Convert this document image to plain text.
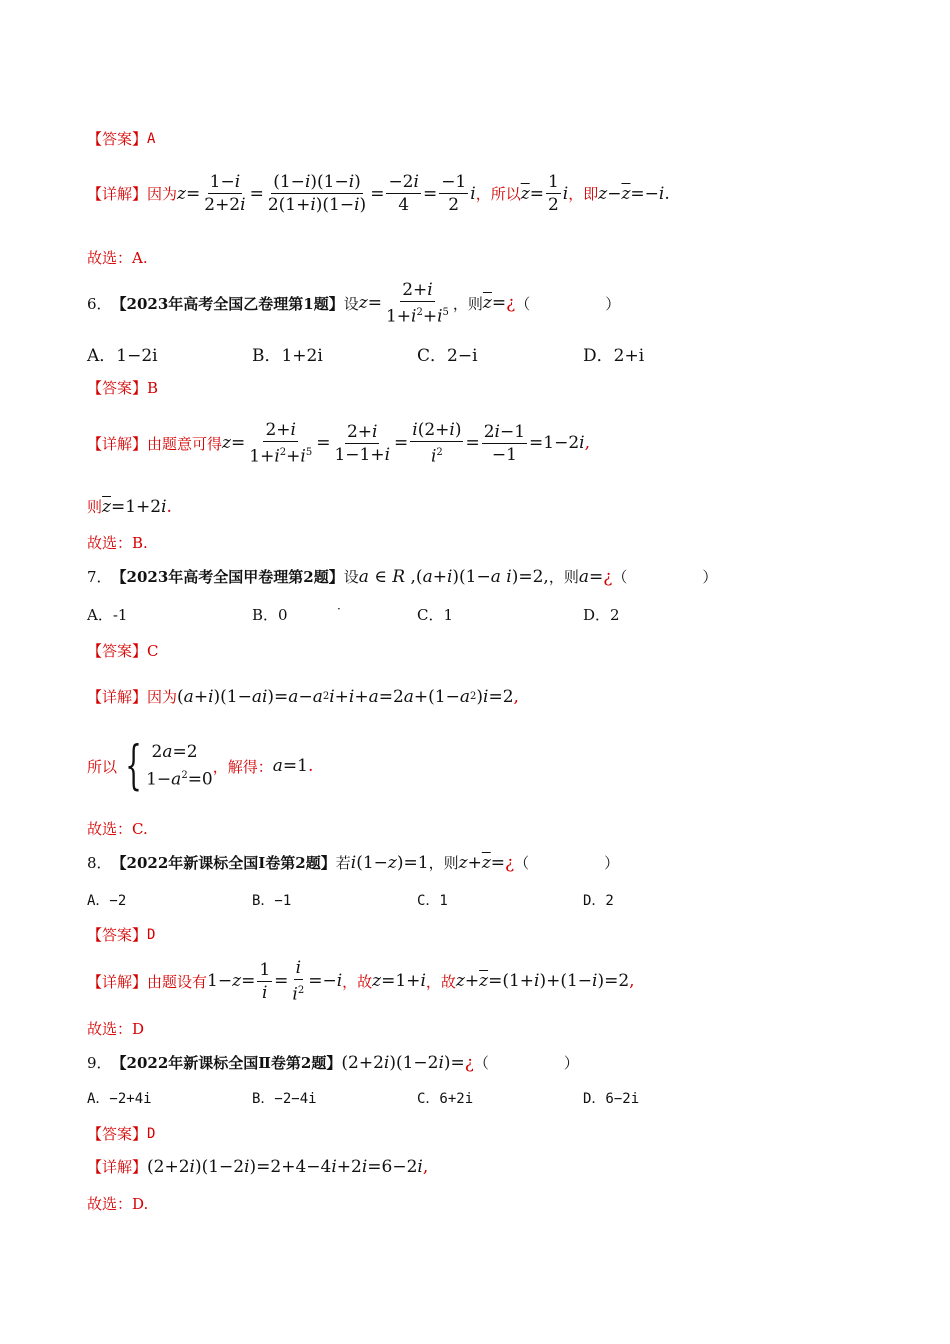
【答案】 A
【详解】 因为 $z = \frac{1-i}{2+2i} = \frac{(1-i)(1-i)}{2(1+i)(1-i)} = \frac{-2i}{4} = \frac{-1}{2}$ i ， 所以 $\overline{z} = \frac{1}{2}$ i ， 即 $z - \overline{z} =- i$ .
故选：A.
6． 【2023年高考全国乙卷理第1题】 设 $z= \frac{2+i}{1+i^2+i^5}$ ，则 $\overline{z}=¿$ （　　　　　）
A．1−2i	B．1+2i	C．2−i	D．2+i
【答案】 B
【详解】 由题意可得 $z = \frac{2+i}{1+i^2+i^5} = \frac{2+i}{1-1+i} = \frac{i(2+i)}{i^2} = \frac{2i-1}{-1} =1-2$ i ,
则 $\overline{z} =1+2$ i .
故选：B.
7． 【2023年高考全国甲卷理第2题】 设 a ∈ R ,(a+i)(1−a i)=2, ，则 a=¿ （　　　　　）
A．-1	B．0	·	C．1	D．2
【答案】 C
【详解】 因为 ( a + i )(1− ai )= a − a 2 i + i + a =2 a +(1− a 2 ) i =2 ,
所以 { 2a=2
$1-a^2=0$
，解得： a=1.
故选：C.
8． 【2022年新课标全国Ⅰ卷第2题】 若 i(1−z)=1 ，则 $z+\overline{z}=¿$ （　　　　　）
A．−2	B．−1	C．1	D．2
【答案】 D
【详解】 由题设有 $1- z = \frac{1}{i} = \frac{i}{i^2} =- i$ ，故 z =1+ i ，故 $z + \overline{z} =(1+ i$ )+(1− i )=2 ,
故选：D
9． 【2022年新课标全国Ⅱ卷第2题】 (2+2i)(1−2i)=¿ （　　　　　）
A．−2+4i	B．−2−4i	C．6+2i	D．6−2i
【答案】 D
【详解】 (2+2 i )(1−2 i )=2+4−4 i +2 i =6−2 i ,
故选：D.
